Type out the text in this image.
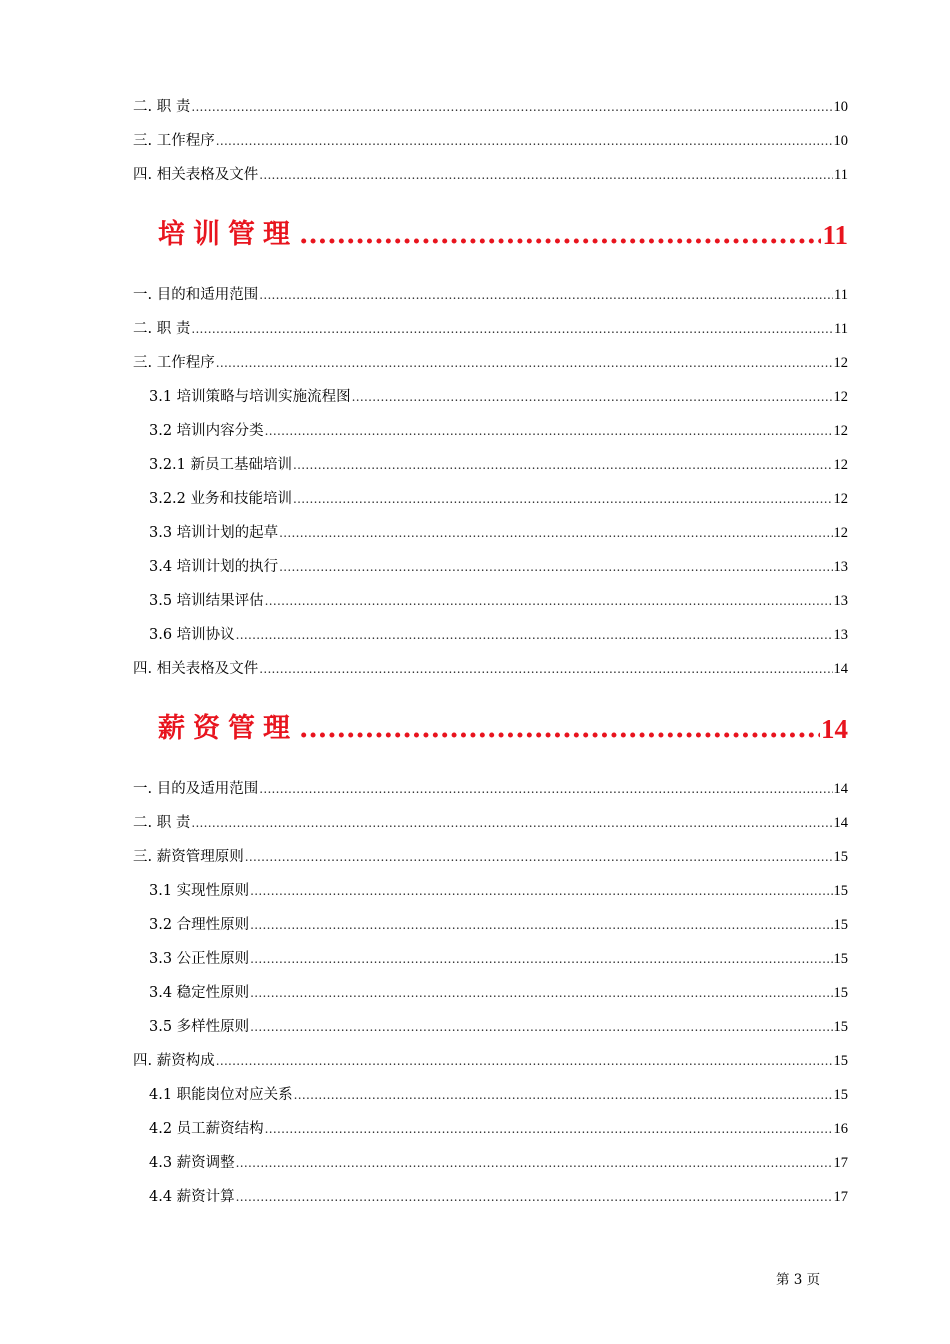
二. 职 责 .....	10
三. 工作程序 .....	10
四. 相关表格及文件 .....	11
培训管理 .....	11
一. 目的和适用范围 .....	11
二. 职 责 .....	11
三. 工作程序 .....	12
3.1 培训策略与培训实施流程图 .....	12
3.2 培训内容分类 .....	12
3.2.1 新员工基础培训 .....	12
3.2.2 业务和技能培训 .....	12
3.3 培训计划的起草 .....	12
3.4 培训计划的执行 .....	13
3.5 培训结果评估 .....	13
3.6 培训协议 .....	13
四. 相关表格及文件 .....	14
薪资管理 .....	14
一. 目的及适用范围 .....	14
二. 职 责 .....	14
三. 薪资管理原则 .....	15
3.1 实现性原则 .....	15
3.2 合理性原则 .....	15
3.3 公正性原则 .....	15
3.4 稳定性原则 .....	15
3.5 多样性原则 .....	15
四. 薪资构成 .....	15
4.1 职能岗位对应关系 .....	15
4.2 员工薪资结构 .....	16
4.3 薪资调整 .....	17
4.4 薪资计算 .....	17
第 3 页
